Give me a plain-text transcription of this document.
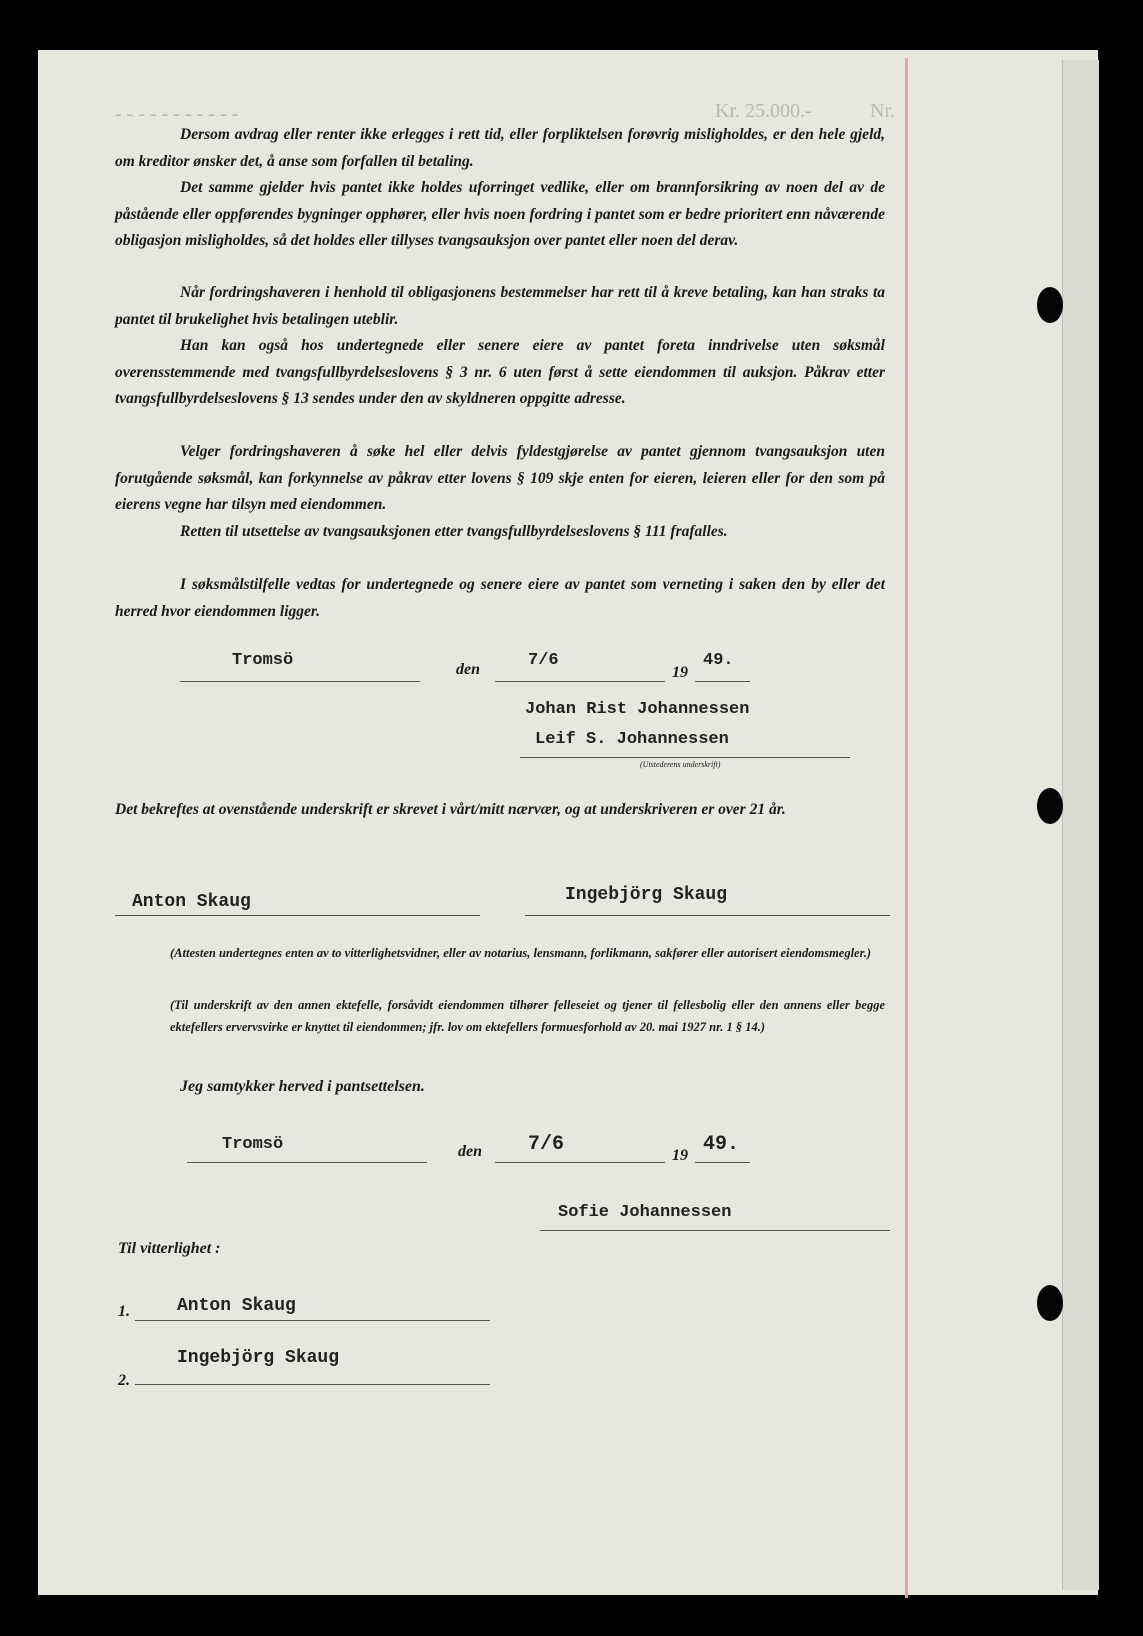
- - - - - - - - - - -	Kr. 25.000.-	Nr.
Dersom avdrag eller renter ikke erlegges i rett tid, eller forpliktelsen forøvrig misligholdes, er den hele gjeld, om kreditor ønsker det, å anse som forfallen til betaling.
Det samme gjelder hvis pantet ikke holdes uforringet vedlike, eller om brannforsikring av noen del av de påstående eller oppførendes bygninger opphører, eller hvis noen fordring i pantet som er bedre prioritert enn nåværende obligasjon misligholdes, så det holdes eller tillyses tvangsauksjon over pantet eller noen del derav.
Når fordringshaveren i henhold til obligasjonens bestemmelser har rett til å kreve betaling, kan han straks ta pantet til brukelighet hvis betalingen uteblir.
Han kan også hos undertegnede eller senere eiere av pantet foreta inndrivelse uten søksmål overensstemmende med tvangsfullbyrdelseslovens § 3 nr. 6 uten først å sette eiendommen til auksjon. Påkrav etter tvangsfullbyrdelseslovens § 13 sendes under den av skyldneren oppgitte adresse.
Velger fordringshaveren å søke hel eller delvis fyldestgjørelse av pantet gjennom tvangsauksjon uten forutgående søksmål, kan forkynnelse av påkrav etter lovens § 109 skje enten for eieren, leieren eller for den som på eierens vegne har tilsyn med eiendommen.
Retten til utsettelse av tvangsauksjonen etter tvangsfullbyrdelseslovens § 111 frafalles.
I søksmålstilfelle vedtas for undertegnede og senere eiere av pantet som verneting i saken den by eller det herred hvor eiendommen ligger.
Tromsö	den	7/6
19
49.
Johan Rist Johannessen
Leif S. Johannessen
(Utstederens underskrift)
Det bekreftes at ovenstående underskrift er skrevet i vårt/mitt nærvær, og at underskriveren er over 21 år.
Anton Skaug	Ingebjörg Skaug
(Attesten undertegnes enten av to vitterlighetsvidner, eller av notarius, lensmann, forlikmann, sakfører eller autorisert eiendomsmegler.)
(Til underskrift av den annen ektefelle, forsåvidt eiendommen tilhører felleseiet og tjener til fellesbolig eller den annens eller begge ektefellers ervervsvirke er knyttet til eiendommen; jfr. lov om ektefellers formuesforhold av 20. mai 1927 nr. 1 § 14.)
Jeg samtykker herved i pantsettelsen.
Tromsö	den 7/6	19 49.
Sofie Johannessen
Til vitterlighet :
1.	Anton Skaug
2.
Ingebjörg Skaug
